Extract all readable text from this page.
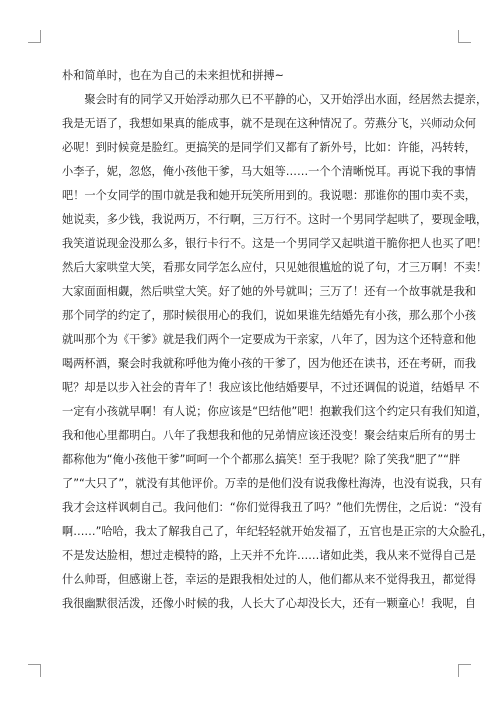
朴和简单时，也在为自己的未来担忧和拼搏~
　　聚会时有的同学又开始浮动那久已不平静的心，又开始浮出水面，经居然去提亲，
我是无语了，我想如果真的能成事，就不是现在这种情况了。劳燕分飞，兴师动众何
必呢！到时候竟是脸红。更搞笑的是同学们又都有了新外号，比如：许能，冯转转，
小李子，妮，忽悠，俺小孩他干爹，马大姐等……一个个清晰悦耳。再说下我的事情
吧！一个女同学的围巾就是我和她开玩笑所用到的。我说嗯：那谁你的围巾卖不卖，
她说卖，多少钱，我说两万，不行啊，三万行不。这时一个男同学起哄了，要现金哦，
我笑道说现金没那么多，银行卡行不。这是一个男同学又起哄道干脆你把人也买了吧！
然后大家哄堂大笑，看那女同学怎么应付，只见她很尴尬的说了句，才三万啊！不卖！
大家面面相觑，然后哄堂大笑。好了她的外号就叫；三万了！还有一个故事就是我和
那个同学的约定了，那时候很用心的我们，说如果谁先结婚先有小孩，那么那个小孩
就叫那个为《干爹》就是我们两个一定要成为干亲家，八年了，因为这个还特意和他
喝两杯酒，聚会时我就称呼他为俺小孩的干爹了，因为他还在读书，还在考研，而我
呢？却是以步入社会的青年了！我应该比他结婚要早，不过还调侃的说道，结婚早 不
一定有小孩就早啊！有人说；你应该是“巴结他”吧！抱歉我们这个约定只有我们知道，
我和他心里都明白。八年了我想我和他的兄弟情应该还没变！聚会结束后所有的男士
都称他为“俺小孩他干爹”呵呵一个个都那么搞笑！至于我呢？除了笑我“肥了”“胖
了”“大只了”，就没有其他评价。万幸的是他们没有说我像杜海涛，也没有说我，只有
我才会这样讽刺自己。我问他们：“你们觉得我丑了吗？”他们先愣住，之后说：“没有
啊……”哈哈，我太了解我自己了，年纪轻轻就开始发福了，五官也是正宗的大众脸孔，
不是发达脸相，想过走模特的路，上天并不允许……诸如此类，我从来不觉得自己是
什么帅哥，但感谢上苍，幸运的是跟我相处过的人，他们都从来不觉得我丑，都觉得
我很幽默很活泼，还像小时候的我，人长大了心却没长大，还有一颗童心！我呢，自
